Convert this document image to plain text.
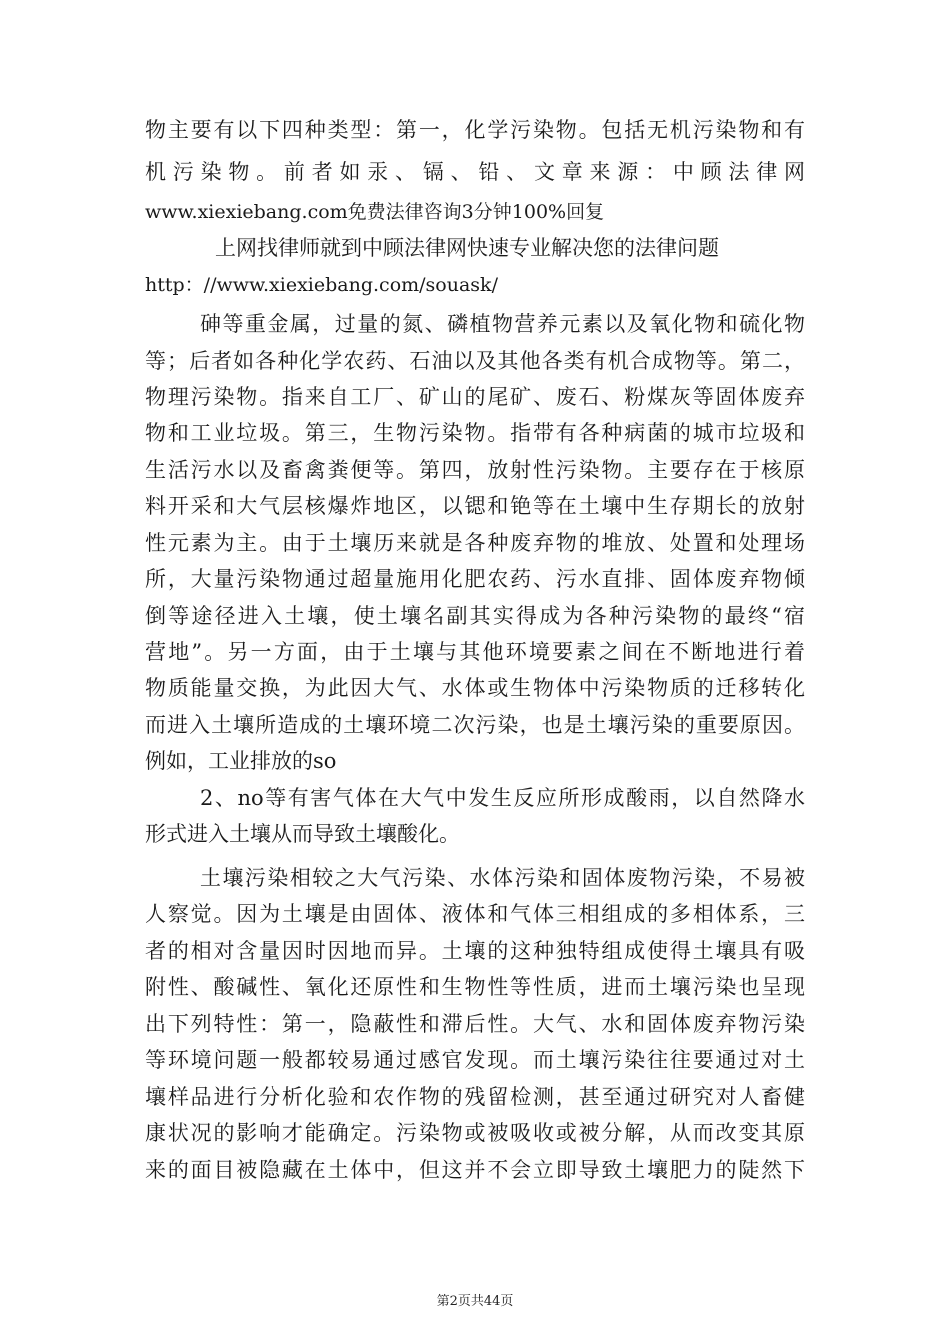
物主要有以下四种类型：第一，化学污染物。包括无机污染物和有
机 污 染 物 。 前 者 如 汞 、 镉 、 铅 、 文 章 来 源 ： 中 顾 法 律 网
www.xiexiebang.com免费法律咨询3分钟100%回复
上网找律师就到中顾法律网快速专业解决您的法律问题
http：//www.xiexiebang.com/souask/
砷等重金属，过量的氮、磷植物营养元素以及氧化物和硫化物
等；后者如各种化学农药、石油以及其他各类有机合成物等。第二，
物理污染物。指来自工厂、矿山的尾矿、废石、粉煤灰等固体废弃
物和工业垃圾。第三，生物污染物。指带有各种病菌的城市垃圾和
生活污水以及畜禽粪便等。第四，放射性污染物。主要存在于核原
料开采和大气层核爆炸地区，以锶和铯等在土壤中生存期长的放射
性元素为主。由于土壤历来就是各种废弃物的堆放、处置和处理场
所，大量污染物通过超量施用化肥农药、污水直排、固体废弃物倾
倒等途径进入土壤，使土壤名副其实得成为各种污染物的最终“宿
营地”。另一方面，由于土壤与其他环境要素之间在不断地进行着
物质能量交换，为此因大气、水体或生物体中污染物质的迁移转化
而进入土壤所造成的土壤环境二次污染，也是土壤污染的重要原因。
例如，工业排放的so
2、no等有害气体在大气中发生反应所形成酸雨，以自然降水
形式进入土壤从而导致土壤酸化。
土壤污染相较之大气污染、水体污染和固体废物污染，不易被
人察觉。因为土壤是由固体、液体和气体三相组成的多相体系，三
者的相对含量因时因地而异。土壤的这种独特组成使得土壤具有吸
附性、酸碱性、氧化还原性和生物性等性质，进而土壤污染也呈现
出下列特性：第一，隐蔽性和滞后性。大气、水和固体废弃物污染
等环境问题一般都较易通过感官发现。而土壤污染往往要通过对土
壤样品进行分析化验和农作物的残留检测，甚至通过研究对人畜健
康状况的影响才能确定。污染物或被吸收或被分解，从而改变其原
来的面目被隐藏在土体中，但这并不会立即导致土壤肥力的陡然下
第2页共44页
